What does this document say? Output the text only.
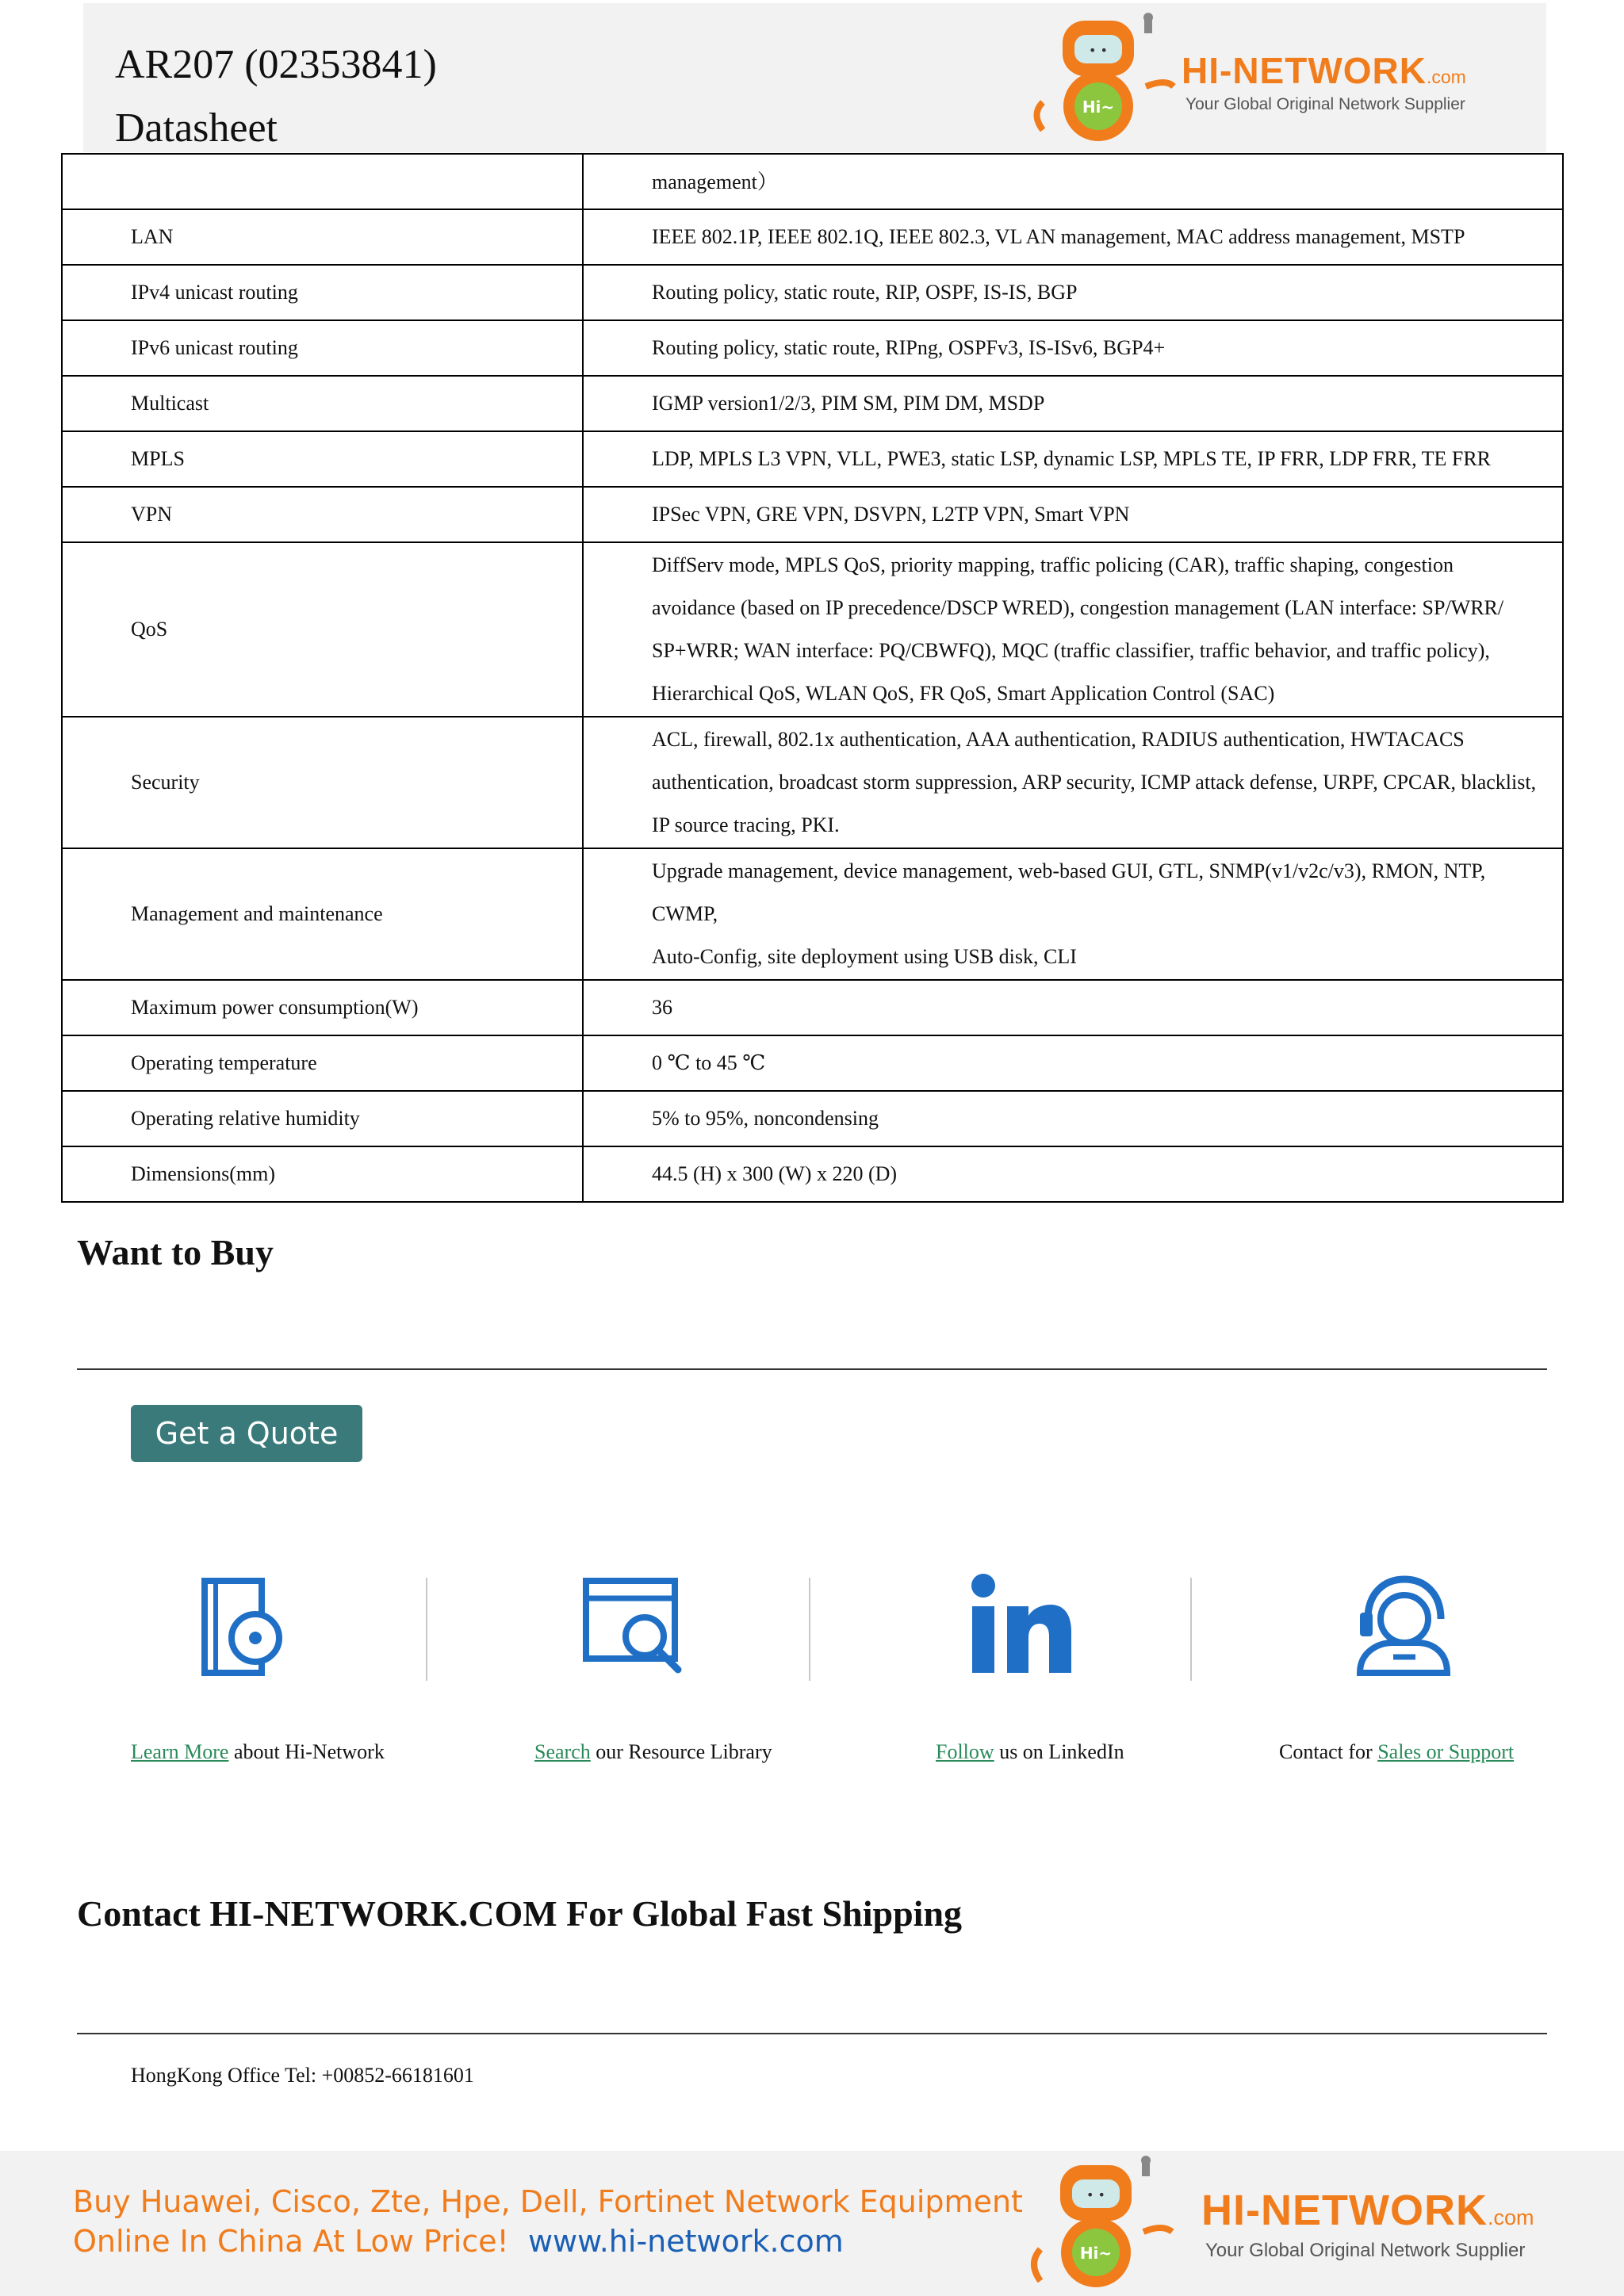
AR207 (02353841)
Datasheet
• •
Hi~
HI-NETWORK.com
Your Global Original Network Supplier
	management）
LAN	IEEE 802.1P, IEEE 802.1Q, IEEE 802.3, VL AN management, MAC address management, MSTP
IPv4 unicast routing	Routing policy, static route, RIP, OSPF, IS-IS, BGP
IPv6 unicast routing	Routing policy, static route, RIPng, OSPFv3, IS-ISv6, BGP4+
Multicast	IGMP version1/2/3, PIM SM, PIM DM, MSDP
MPLS	LDP, MPLS L3 VPN, VLL, PWE3, static LSP, dynamic LSP, MPLS TE, IP FRR, LDP FRR, TE FRR
VPN	IPSec VPN, GRE VPN, DSVPN, L2TP VPN, Smart VPN
QoS	DiffServ mode, MPLS QoS, priority mapping, traffic policing (CAR), traffic shaping, congestion
avoidance (based on IP precedence/DSCP WRED), congestion management (LAN interface: SP/WRR/
SP+WRR; WAN interface: PQ/CBWFQ), MQC (traffic classifier, traffic behavior, and traffic policy),
Hierarchical QoS, WLAN QoS, FR QoS, Smart Application Control (SAC)

Security	ACL, firewall, 802.1x authentication, AAA authentication, RADIUS authentication, HWTACACS
authentication, broadcast storm suppression, ARP security, ICMP attack defense, URPF, CPCAR, blacklist,
IP source tracing, PKI.

Management and maintenance	Upgrade management, device management, web-based GUI, GTL, SNMP(v1/v2c/v3), RMON, NTP, CWMP,
Auto-Config, site deployment using USB disk, CLI

Maximum power consumption(W)	36
Operating temperature	0 ℃ to 45 ℃
Operating relative humidity	5% to 95%, noncondensing
Dimensions(mm)	44.5 (H) x 300 (W) x 220 (D)
Want to Buy
Get a Quote
Learn More about Hi-Network	Search our Resource Library	Follow us on LinkedIn	Contact for Sales or Support
Contact HI-NETWORK.COM For Global Fast Shipping
HongKong Office Tel: +00852-66181601
Buy Huawei, Cisco, Zte, Hpe, Dell, Fortinet Network Equipment
Online In China At Low Price! www.hi-network.com
• •
Hi~
HI-NETWORK.com
Your Global Original Network Supplier
